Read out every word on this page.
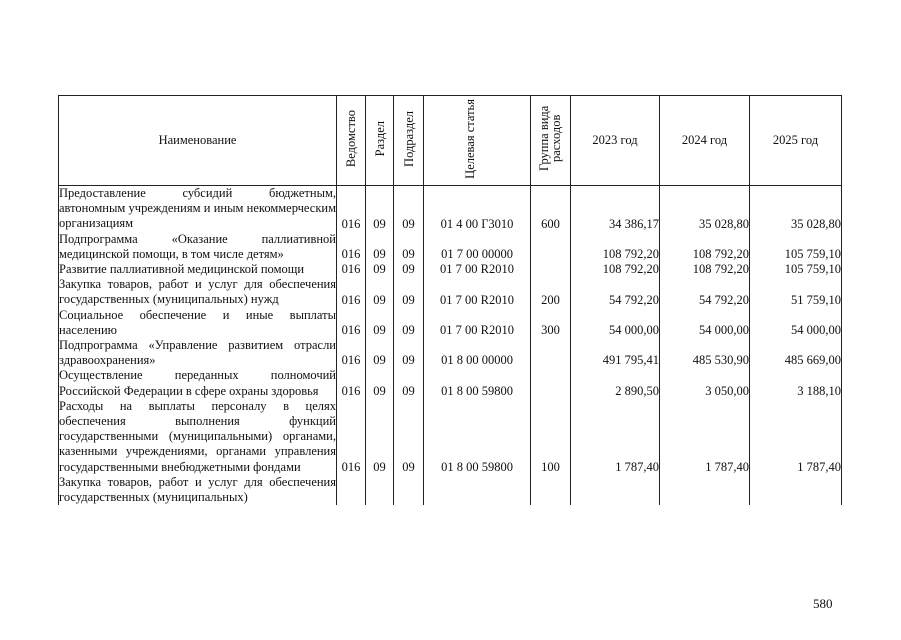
Наименование	Ведомство	Раздел	Подраздел	Целевая статья	Группа вида расходов	2023 год	2024 год	2025 год
Предоставление субсидий бюджетным, автономным учреждениям и иным некоммерческим организациям	016	09	09	01 4 00 Г3010	600	34 386,17	35 028,80	35 028,80
Подпрограмма «Оказание паллиативной медицинской помощи, в том числе детям»	016	09	09	01 7 00 00000		108 792,20	108 792,20	105 759,10
Развитие паллиативной медицинской помощи	016	09	09	01 7 00 R2010		108 792,20	108 792,20	105 759,10
Закупка товаров, работ и услуг для обеспечения государственных (муниципальных) нужд	016	09	09	01 7 00 R2010	200	54 792,20	54 792,20	51 759,10
Социальное обеспечение и иные выплаты населению	016	09	09	01 7 00 R2010	300	54 000,00	54 000,00	54 000,00
Подпрограмма «Управление развитием отрасли здравоохранения»	016	09	09	01 8 00 00000		491 795,41	485 530,90	485 669,00
Осуществление переданных полномочий Российской Федерации в сфере охраны здоровья	016	09	09	01 8 00 59800		2 890,50	3 050,00	3 188,10
Расходы на выплаты персоналу в целях обеспечения выполнения функций государственными (муниципальными) органами, казенными учреждениями, органами управления государственными внебюджетными фондами	016	09	09	01 8 00 59800	100	1 787,40	1 787,40	1 787,40
Закупка товаров, работ и услуг для обеспечения государственных (муниципальных)								
580
